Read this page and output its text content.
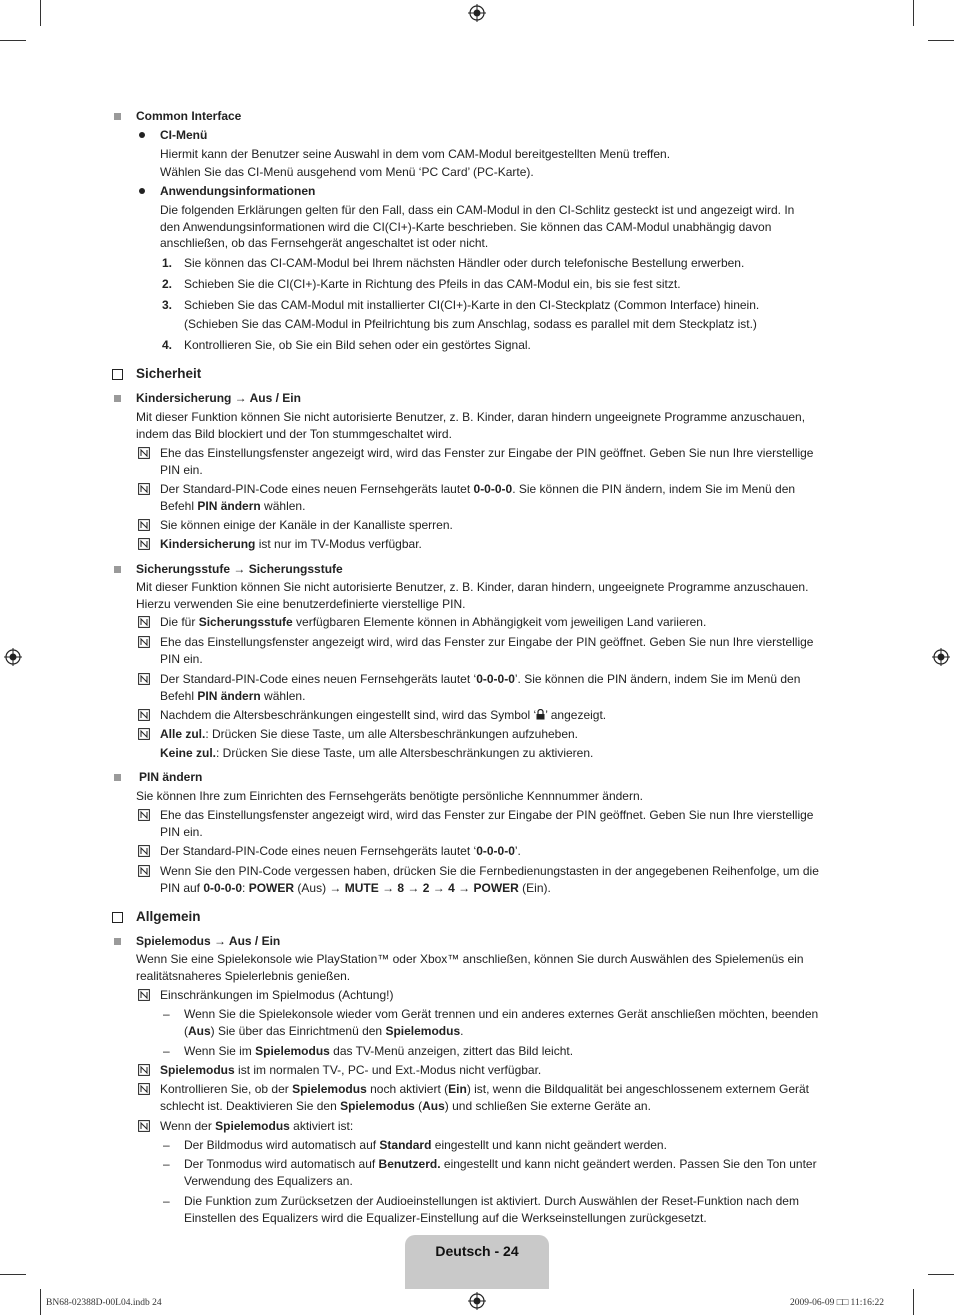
Common Interface
CI-Menü
Hiermit kann der Benutzer seine Auswahl in dem vom CAM-Modul bereitgestellten Menü treffen.
Wählen Sie das CI-Menü ausgehend vom Menü ‘PC Card’ (PC-Karte).
Anwendungsinformationen
Die folgenden Erklärungen gelten für den Fall, dass ein CAM-Modul in den CI-Schlitz gesteckt ist und angezeigt wird. In den Anwendungsinformationen wird die CI(CI+)-Karte beschrieben. Sie können das CAM-Modul unabhängig davon anschließen, ob das Fernsehgerät angeschaltet ist oder nicht.
1. Sie können das CI-CAM-Modul bei Ihrem nächsten Händler oder durch telefonische Bestellung erwerben.
2. Schieben Sie die CI(CI+)-Karte in Richtung des Pfeils in das CAM-Modul ein, bis sie fest sitzt.
3. Schieben Sie das CAM-Modul mit installierter CI(CI+)-Karte in den CI-Steckplatz (Common Interface) hinein.
(Schieben Sie das CAM-Modul in Pfeilrichtung bis zum Anschlag, sodass es parallel mit dem Steckplatz ist.)
4. Kontrollieren Sie, ob Sie ein Bild sehen oder ein gestörtes Signal.
Sicherheit
Kindersicherung → Aus / Ein
Mit dieser Funktion können Sie nicht autorisierte Benutzer, z. B. Kinder, daran hindern ungeeignete Programme anzuschauen, indem das Bild blockiert und der Ton stummgeschaltet wird.
Ehe das Einstellungsfenster angezeigt wird, wird das Fenster zur Eingabe der PIN geöffnet. Geben Sie nun Ihre vierstellige PIN ein.
Der Standard-PIN-Code eines neuen Fernsehgeräts lautet 0-0-0-0. Sie können die PIN ändern, indem Sie im Menü den Befehl PIN ändern wählen.
Sie können einige der Kanäle in der Kanalliste sperren.
Kindersicherung ist nur im TV-Modus verfügbar.
Sicherungsstufe → Sicherungsstufe
Mit dieser Funktion können Sie nicht autorisierte Benutzer, z. B. Kinder, daran hindern, ungeeignete Programme anzuschauen. Hierzu verwenden Sie eine benutzerdefinierte vierstellige PIN.
Die für Sicherungsstufe verfügbaren Elemente können in Abhängigkeit vom jeweiligen Land variieren.
Ehe das Einstellungsfenster angezeigt wird, wird das Fenster zur Eingabe der PIN geöffnet. Geben Sie nun Ihre vierstellige PIN ein.
Der Standard-PIN-Code eines neuen Fernsehgeräts lautet ‘0-0-0-0’. Sie können die PIN ändern, indem Sie im Menü den Befehl PIN ändern wählen.
Nachdem die Altersbeschränkungen eingestellt sind, wird das Symbol ‘ ’ angezeigt.
Alle zul.: Drücken Sie diese Taste, um alle Altersbeschränkungen aufzuheben.
Keine zul.: Drücken Sie diese Taste, um alle Altersbeschränkungen zu aktivieren.
PIN ändern
Sie können Ihre zum Einrichten des Fernsehgeräts benötigte persönliche Kennnummer ändern.
Ehe das Einstellungsfenster angezeigt wird, wird das Fenster zur Eingabe der PIN geöffnet. Geben Sie nun Ihre vierstellige PIN ein.
Der Standard-PIN-Code eines neuen Fernsehgeräts lautet ‘0-0-0-0’.
Wenn Sie den PIN-Code vergessen haben, drücken Sie die Fernbedienungstasten in der angegebenen Reihenfolge, um die PIN auf 0-0-0-0: POWER (Aus) → MUTE → 8 → 2 → 4 → POWER (Ein).
Allgemein
Spielemodus → Aus / Ein
Wenn Sie eine Spielekonsole wie PlayStation™ oder Xbox™ anschließen, können Sie durch Auswählen des Spielemenüs ein realitätsnaheres Spielerlebnis genießen.
Einschränkungen im Spielmodus (Achtung!)
– Wenn Sie die Spielekonsole wieder vom Gerät trennen und ein anderes externes Gerät anschließen möchten, beenden (Aus) Sie über das Einrichtmenü den Spielemodus.
– Wenn Sie im Spielemodus das TV-Menü anzeigen, zittert das Bild leicht.
Spielemodus ist im normalen TV-, PC- und Ext.-Modus nicht verfügbar.
Kontrollieren Sie, ob der Spielemodus noch aktiviert (Ein) ist, wenn die Bildqualität bei angeschlossenem externem Gerät schlecht ist. Deaktivieren Sie den Spielemodus (Aus) und schließen Sie externe Geräte an.
Wenn der Spielemodus aktiviert ist:
– Der Bildmodus wird automatisch auf Standard eingestellt und kann nicht geändert werden.
– Der Tonmodus wird automatisch auf Benutzerd. eingestellt und kann nicht geändert werden. Passen Sie den Ton unter Verwendung des Equalizers an.
– Die Funktion zum Zurücksetzen der Audioeinstellungen ist aktiviert. Durch Auswählen der Reset-Funktion nach dem Einstellen des Equalizers wird die Equalizer-Einstellung auf die Werkseinstellungen zurückgesetzt.
Deutsch - 24
BN68-02388D-00L04.indb 24	2009-06-09 □□ 11:16:22
